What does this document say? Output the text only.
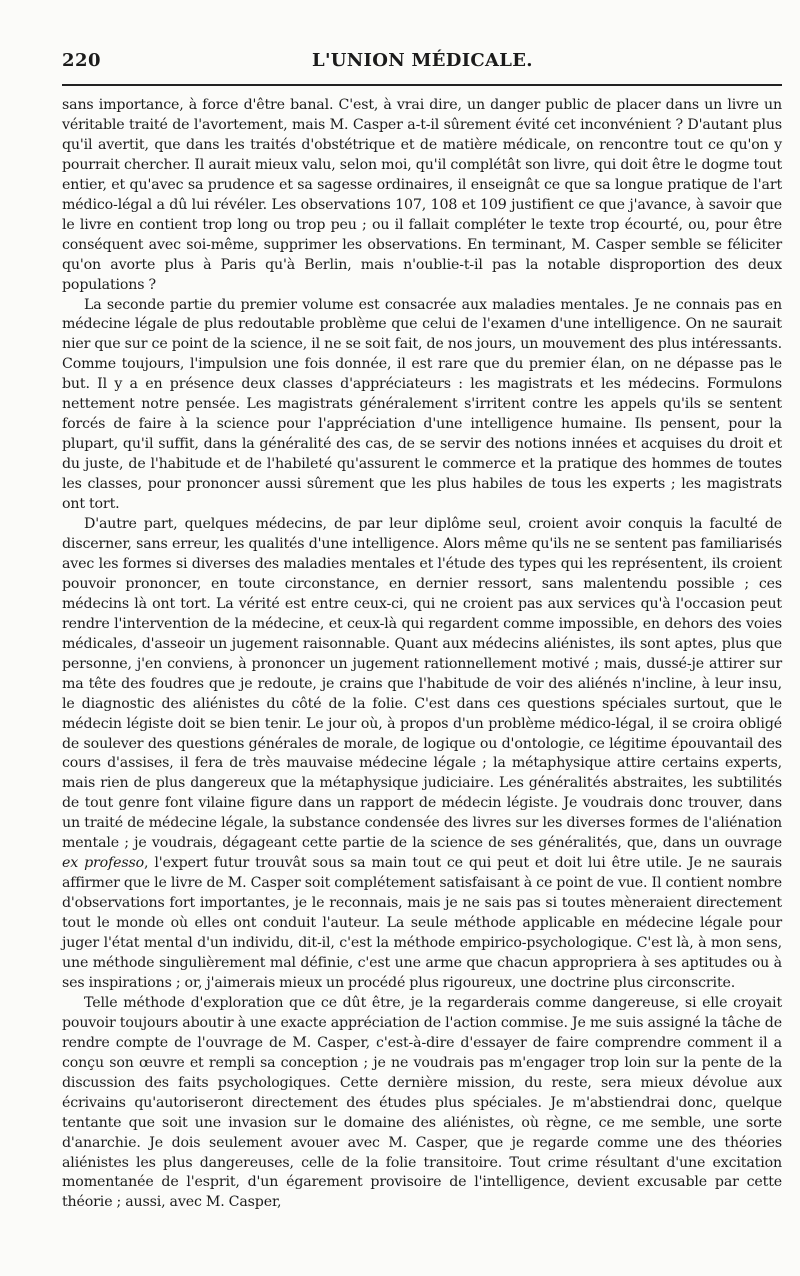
220	L'UNION MÉDICALE.

sans importance, à force d'être banal. C'est, à vrai dire, un danger public de placer dans un livre un véritable traité de l'avortement, mais M. Casper a-t-il sûrement évité cet inconvénient ? D'autant plus qu'il avertit, que dans les traités d'obstétrique et de matière médicale, on rencontre tout ce qu'on y pourrait chercher. Il aurait mieux valu, selon moi, qu'il complétât son livre, qui doit être le dogme tout entier, et qu'avec sa prudence et sa sagesse ordinaires, il enseignât ce que sa longue pratique de l'art médico-légal a dû lui révéler. Les observations 107, 108 et 109 justifient ce que j'avance, à savoir que le livre en contient trop long ou trop peu ; ou il fallait compléter le texte trop écourté, ou, pour être conséquent avec soi-même, supprimer les observations. En terminant, M. Casper semble se féliciter qu'on avorte plus à Paris qu'à Berlin, mais n'oublie-t-il pas la notable disproportion des deux populations ?

La seconde partie du premier volume est consacrée aux maladies mentales. Je ne connais pas en médecine légale de plus redoutable problème que celui de l'examen d'une intelligence. On ne saurait nier que sur ce point de la science, il ne se soit fait, de nos jours, un mouvement des plus intéressants. Comme toujours, l'impulsion une fois donnée, il est rare que du premier élan, on ne dépasse pas le but. Il y a en présence deux classes d'appréciateurs : les magistrats et les médecins. Formulons nettement notre pensée. Les magistrats généralement s'irritent contre les appels qu'ils se sentent forcés de faire à la science pour l'appréciation d'une intelligence humaine. Ils pensent, pour la plupart, qu'il suffit, dans la généralité des cas, de se servir des notions innées et acquises du droit et du juste, de l'habitude et de l'habileté qu'assurent le commerce et la pratique des hommes de toutes les classes, pour prononcer aussi sûrement que les plus habiles de tous les experts ; les magistrats ont tort.

D'autre part, quelques médecins, de par leur diplôme seul, croient avoir conquis la faculté de discerner, sans erreur, les qualités d'une intelligence. Alors même qu'ils ne se sentent pas familiarisés avec les formes si diverses des maladies mentales et l'étude des types qui les représentent, ils croient pouvoir prononcer, en toute circonstance, en dernier ressort, sans malentendu possible ; ces médecins là ont tort. La vérité est entre ceux-ci, qui ne croient pas aux services qu'à l'occasion peut rendre l'intervention de la médecine, et ceux-là qui regardent comme impossible, en dehors des voies médicales, d'asseoir un jugement raisonnable. Quant aux médecins aliénistes, ils sont aptes, plus que personne, j'en conviens, à prononcer un jugement rationnellement motivé ; mais, dussé-je attirer sur ma tête des foudres que je redoute, je crains que l'habitude de voir des aliénés n'incline, à leur insu, le diagnostic des aliénistes du côté de la folie. C'est dans ces questions spéciales surtout, que le médecin légiste doit se bien tenir. Le jour où, à propos d'un problème médico-légal, il se croira obligé de soulever des questions générales de morale, de logique ou d'ontologie, ce légitime épouvantail des cours d'assises, il fera de très mauvaise médecine légale ; la métaphysique attire certains experts, mais rien de plus dangereux que la métaphysique judiciaire. Les généralités abstraites, les subtilités de tout genre font vilaine figure dans un rapport de médecin légiste. Je voudrais donc trouver, dans un traité de médecine légale, la substance condensée des livres sur les diverses formes de l'aliénation mentale ; je voudrais, dégageant cette partie de la science de ses généralités, que, dans un ouvrage ex professo, l'expert futur trouvât sous sa main tout ce qui peut et doit lui être utile. Je ne saurais affirmer que le livre de M. Casper soit complétement satisfaisant à ce point de vue. Il contient nombre d'observations fort importantes, je le reconnais, mais je ne sais pas si toutes mèneraient directement tout le monde où elles ont conduit l'auteur. La seule méthode applicable en médecine légale pour juger l'état mental d'un individu, dit-il, c'est la méthode empirico-psychologique. C'est là, à mon sens, une méthode singulièrement mal définie, c'est une arme que chacun appropriera à ses aptitudes ou à ses inspirations ; or, j'aimerais mieux un procédé plus rigoureux, une doctrine plus circonscrite.

Telle méthode d'exploration que ce dût être, je la regarderais comme dangereuse, si elle croyait pouvoir toujours aboutir à une exacte appréciation de l'action commise. Je me suis assigné la tâche de rendre compte de l'ouvrage de M. Casper, c'est-à-dire d'essayer de faire comprendre comment il a conçu son œuvre et rempli sa conception ; je ne voudrais pas m'engager trop loin sur la pente de la discussion des faits psychologiques. Cette dernière mission, du reste, sera mieux dévolue aux écrivains qu'autoriseront directement des études plus spéciales. Je m'abstiendrai donc, quelque tentante que soit une invasion sur le domaine des aliénistes, où règne, ce me semble, une sorte d'anarchie. Je dois seulement avouer avec M. Casper, que je regarde comme une des théories aliénistes les plus dangereuses, celle de la folie transitoire. Tout crime résultant d'une excitation momentanée de l'esprit, d'un égarement provisoire de l'intelligence, devient excusable par cette théorie ; aussi, avec M. Casper,
